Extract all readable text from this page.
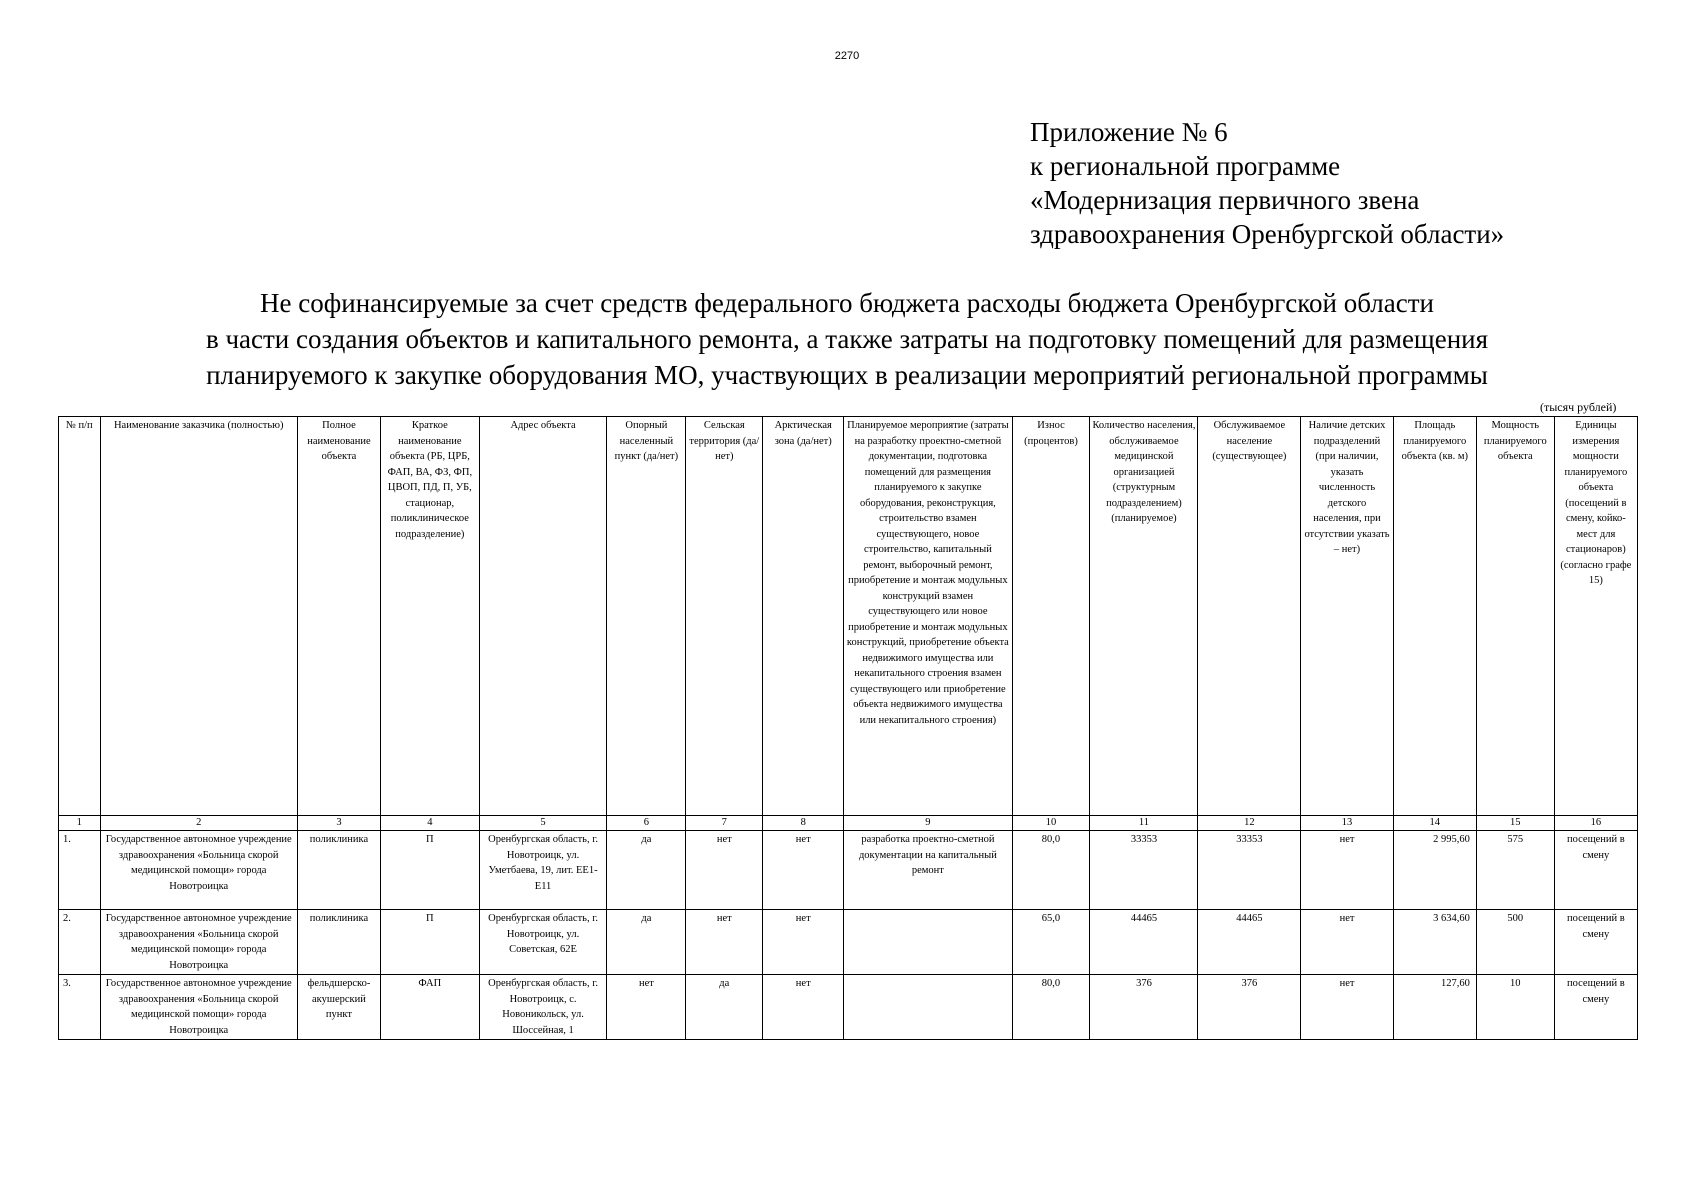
2270
Приложение № 6
к региональной программе
«Модернизация первичного звена
здравоохранения Оренбургской области»
Не софинансируемые за счет средств федерального бюджета расходы бюджета Оренбургской области
в части создания объектов и капитального ремонта, а также затраты на подготовку помещений для размещения
планируемого к закупке оборудования МО, участвующих в реализации мероприятий региональной программы
(тысяч рублей)
№ п/п	Наименование заказчика (полностью)	Полное наименование объекта	Краткое наименование объекта (РБ, ЦРБ, ФАП, ВА, ФЗ, ФП, ЦВОП, ПД, П, УБ, стационар, поликлиническое подразделение)	Адрес объекта	Опорный населенный пункт (да/нет)	Сельская территория (да/нет)	Арктическая зона (да/нет)	Планируемое мероприятие (затраты на разработку проектно-сметной документации, подготовка помещений для размещения планируемого к закупке оборудования, реконструкция, строительство взамен существующего, новое строительство, капитальный ремонт, выборочный ремонт, приобретение и монтаж модульных конструкций взамен существующего или новое приобретение и монтаж модульных конструкций, приобретение объекта недвижимого имущества или некапитального строения взамен существующего или приобретение объекта недвижимого имущества или некапитального строения)	Износ (процентов)	Количество населения, обслуживаемое медицинской организацией (структурным подразделением) (планируемое)	Обслуживаемое население (существующее)	Наличие детских подразделений (при наличии, указать численность детского населения, при отсутствии указать – нет)	Площадь планируемого объекта (кв. м)	Мощность планируемого объекта	Единицы измерения мощности планируемого объекта (посещений в смену, койко-мест для стационаров) (согласно графе 15)
1	2	3	4	5	6	7	8	9	10	11	12	13	14	15	16
1.	Государственное автономное учреждение здравоохранения «Больница скорой медицинской помощи» города Новотроицка	поликлиника	П	Оренбургская область, г. Новотроицк, ул. Уметбаева, 19, лит. ЕЕ1-Е11	да	нет	нет	разработка проектно-сметной документации на капитальный ремонт	80,0	33353	33353	нет	2 995,60	575	посещений в смену
2.	Государственное автономное учреждение здравоохранения «Больница скорой медицинской помощи» города Новотроицка	поликлиника	П	Оренбургская область, г. Новотроицк, ул. Советская, 62Е	да	нет	нет		65,0	44465	44465	нет	3 634,60	500	посещений в смену
3.	Государственное автономное учреждение здравоохранения «Больница скорой медицинской помощи» города Новотроицка	фельдшерско-акушерский пункт	ФАП	Оренбургская область, г. Новотроицк, с. Новоникольск, ул. Шоссейная, 1	нет	да	нет		80,0	376	376	нет	127,60	10	посещений в смену
